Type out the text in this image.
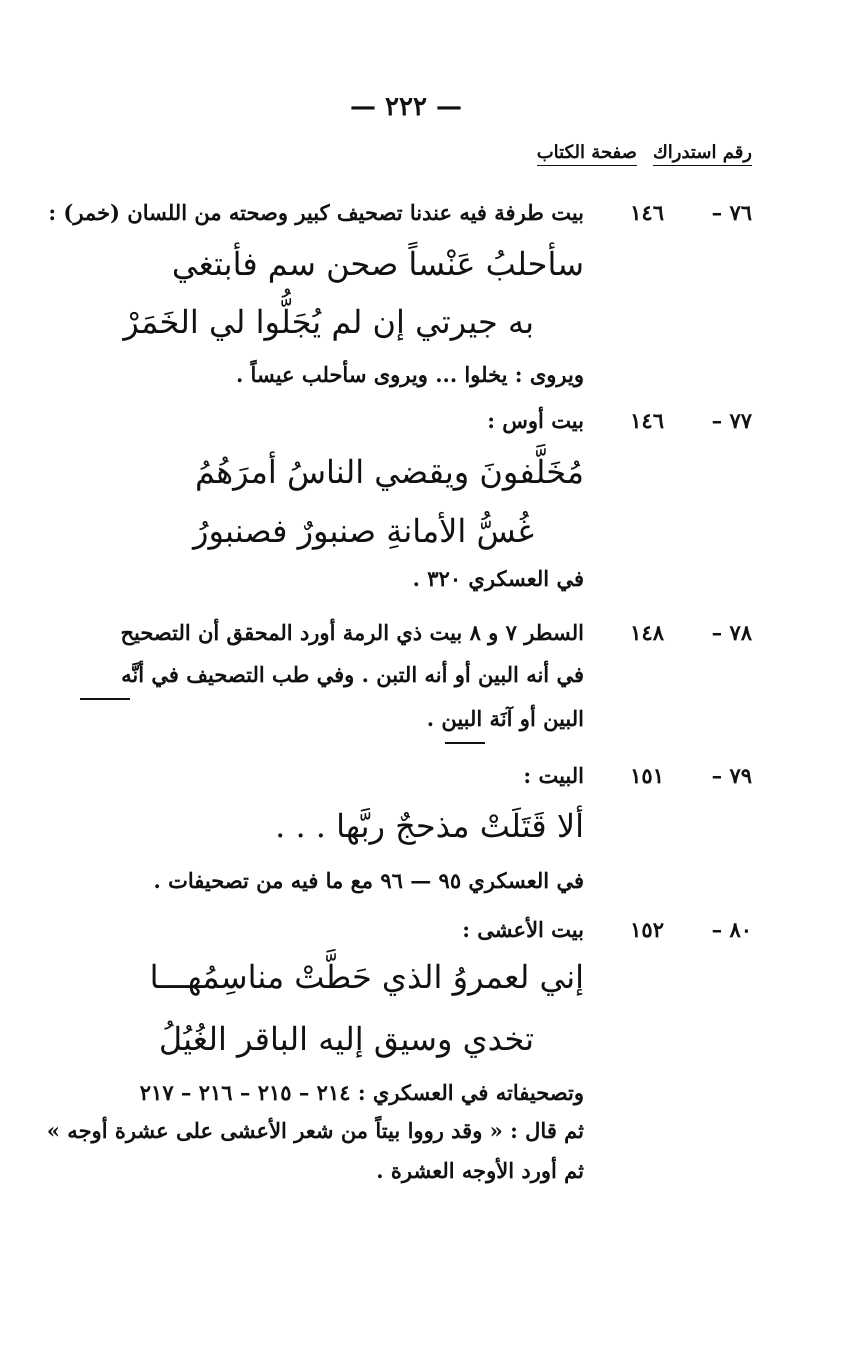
— ٢٢٢ —
رقم استدراك
صفحة الكتاب
٧٦ –
١٤٦
بيت طرفة فيه عندنا تصحيف كبير وصحته من اللسان (خمر) :
سأحلبُ عَنْساً صحن سم فأبتغي
به جيرتي إن لم يُجَلُّوا لي الخَمَرْ
ويروى : يخلوا ... ويروى سأحلب عيساً .
٧٧ –
١٤٦
بيت أوس :
مُخَلَّفونَ ويقضي الناسُ أمرَهُمُ
غُسُّ الأمانةِ صنبورٌ فصنبورُ
في العسكري ٣٢٠ .
٧٨ –
١٤٨
السطر ٧ و ٨ بيت ذي الرمة أورد المحقق أن التصحيح
في أنه البين أو أنه التبن . وفي طب التصحيف في أنَّه
البين أو آنَة البين .
٧٩ –
١٥١
البيت :
ألا قَتَلَتْ مذحجٌ ربَّها . . .
في العسكري ٩٥ — ٩٦ مع ما فيه من تصحيفات .
٨٠ –
١٥٢
بيت الأعشى :
إني لعمروُ الذي حَطَّتْ مناسِمُهـــا
تخدي وسيق إليه الباقر الغُيُلُ
وتصحيفاته في العسكري : ٢١٤ – ٢١٥ – ٢١٦ – ٢١٧
ثم قال : « وقد رووا بيتاً من شعر الأعشى على عشرة أوجه »
ثم أورد الأوجه العشرة .
